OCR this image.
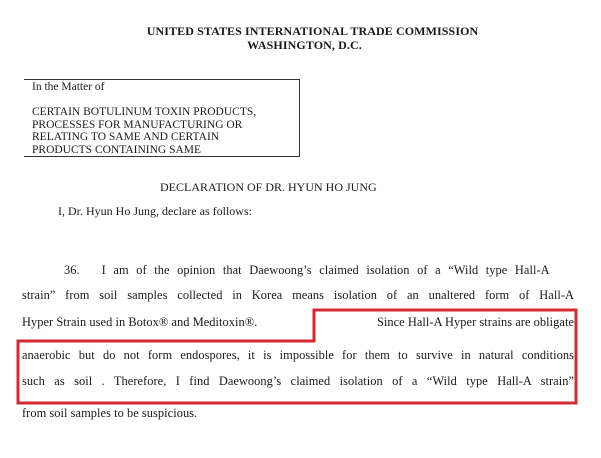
UNITED STATES INTERNATIONAL TRADE COMMISSION
WASHINGTON, D.C.
In the Matter of
CERTAIN BOTULINUM TOXIN PRODUCTS,
PROCESSES FOR MANUFACTURING OR
RELATING TO SAME AND CERTAIN
PRODUCTS CONTAINING SAME
DECLARATION OF DR. HYUN HO JUNG
I, Dr. Hyun Ho Jung, declare as follows:
36. I am of the opinion that Daewoong’s claimed isolation of a “Wild type Hall-A
strain” from soil samples collected in Korea means isolation of an unaltered form of Hall-A
Hyper Strain used in Botox® and Meditoxin®.	Since Hall-A Hyper strains are obligate
anaerobic but do not form endospores, it is impossible for them to survive in natural conditions
such as soil . Therefore, I find Daewoong’s claimed isolation of a “Wild type Hall-A strain”
from soil samples to be suspicious.
